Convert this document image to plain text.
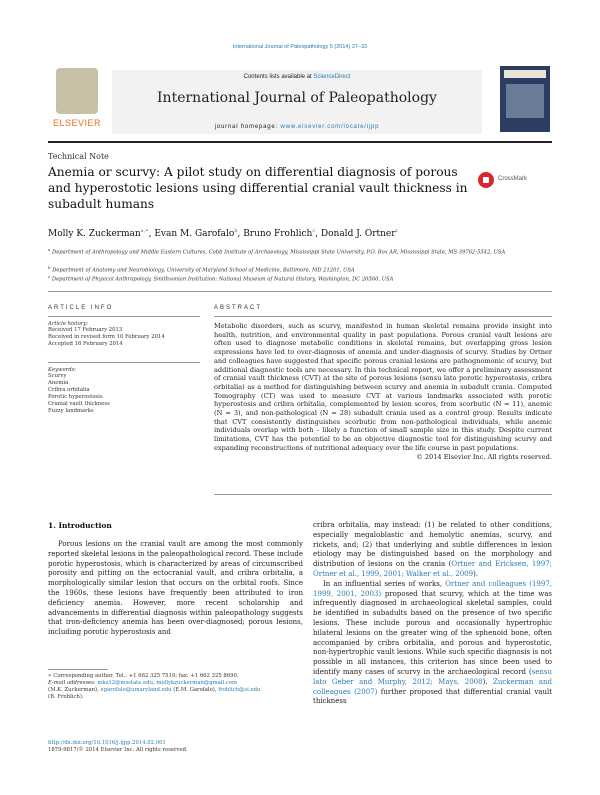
International Journal of Paleopathology 5 (2014) 27–33
ELSEVIER
Contents lists available at ScienceDirect
International Journal of Paleopathology
journal homepage: www.elsevier.com/locate/ijpp
Technical Note
Anemia or scurvy: A pilot study on differential diagnosis of porous and hyperostotic lesions using differential cranial vault thickness in subadult humans
CrossMark
Molly K. Zuckerman$^{a,∗}$, Evan M. Garofalo$^b$, Bruno Frohlich$^c$, Donald J. Ortner$^c$
$^a$ Department of Anthropology and Middle Eastern Cultures, Cobb Institute of Archaeology, Mississippi State University, P.O. Box AR, Mississippi State, MS 39762-5542, USA
$^b$ Department of Anatomy and Neurobiology, University of Maryland School of Medicine, Baltimore, MD 21201, USA
$^c$ Department of Physical Anthropology, Smithsonian Institution: National Museum of Natural History, Washington, DC 20560, USA
ARTICLE INFO
Article history:
Received 17 February 2013
Received in revised form 10 February 2014
Accepted 16 February 2014
Keywords:
Scurvy
Anemia
Cribra orbitalia
Porotic hyperostosis
Cranial vault thickness
Fuzzy landmarks
ABSTRACT
Metabolic disorders, such as scurvy, manifested in human skeletal remains provide insight into health, nutrition, and environmental quality in past populations. Porous cranial vault lesions are often used to diagnose metabolic conditions in skeletal remains, but overlapping gross lesion expressions have led to over-diagnosis of anemia and under-diagnosis of scurvy. Studies by Ortner and colleagues have suggested that specific porous cranial lesions are pathognomonic of scurvy, but additional diagnostic tools are necessary. In this technical report, we offer a preliminary assessment of cranial vault thickness (CVT) at the site of porous lesions (sensu lato porotic hyperostosis, cribra orbitalia) as a method for distinguishing between scurvy and anemia in subadult crania. Computed Tomography (CT) was used to measure CVT at various landmarks associated with porotic hyperostosis and cribra orbitalia, complemented by lesion scores, from scorbutic (N = 11), anemic (N = 3), and non-pathological (N = 28) subadult crania used as a control group. Results indicate that CVT consistently distinguishes scorbutic from non-pathological individuals, while anemic individuals overlap with both – likely a function of small sample size in this study. Despite current limitations, CVT has the potential to be an objective diagnostic tool for distinguishing scurvy and expanding reconstructions of nutritional adequacy over the life course in past populations.
© 2014 Elsevier Inc. All rights reserved.
1. Introduction

Porous lesions on the cranial vault are among the most commonly reported skeletal lesions in the paleopathological record. These include porotic hyperostosis, which is characterized by areas of circumscribed porosity and pitting on the ectocranial vault, and cribra orbitalia, a morphologically similar lesion that occurs on the orbital roofs. Since the 1960s, these lesions have frequently been attributed to iron deficiency anemia. However, more recent scholarship and advancements in differential diagnosis within paleopathology suggests that iron-deficiency anemia has been over-diagnosed; porous lesions, including porotic hyperostosis and

cribra orbitalia, may instead: (1) be related to other conditions, especially megaloblastic and hemolytic anemias, scurvy, and rickets, and; (2) that underlying and subtle differences in lesion etiology may be distinguished based on the morphology and distribution of lesions on the crania (Ortner and Ericksen, 1997; Ortner et al., 1999, 2001; Walker et al., 2009).

In an influential series of works, Ortner and colleagues (1997, 1999, 2001, 2003) proposed that scurvy, which at the time was infrequently diagnosed in archaeological skeletal samples, could be identified in subadults based on the presence of two specific lesions. These include porous and occasionally hypertrophic bilateral lesions on the greater wing of the sphenoid bone, often accompanied by cribra orbitalia, and porous and hyperostotic, non-hypertrophic vault lesions. While such specific diagnosis is not possible in all instances, this criterion has since been used to identify many cases of scurvy in the archaeological record (sensu lato Geber and Murphy, 2012; Mays, 2008). Zuckerman and colleagues (2007) further proposed that differential cranial vault thickness

∗ Corresponding author. Tel.: +1 662 325 7519; fax: +1 662 325 8690.
E-mail addresses: mkz12@msstate.edu, mollykzuckerman@gmail.com
(M.K. Zuckerman), egarofalo@umaryland.edu (E.M. Garofalo), frohlich@si.edu
(B. Frohlich).
http://dx.doi.org/10.1016/j.ijpp.2014.02.001
1879-9817/© 2014 Elsevier Inc. All rights reserved.
